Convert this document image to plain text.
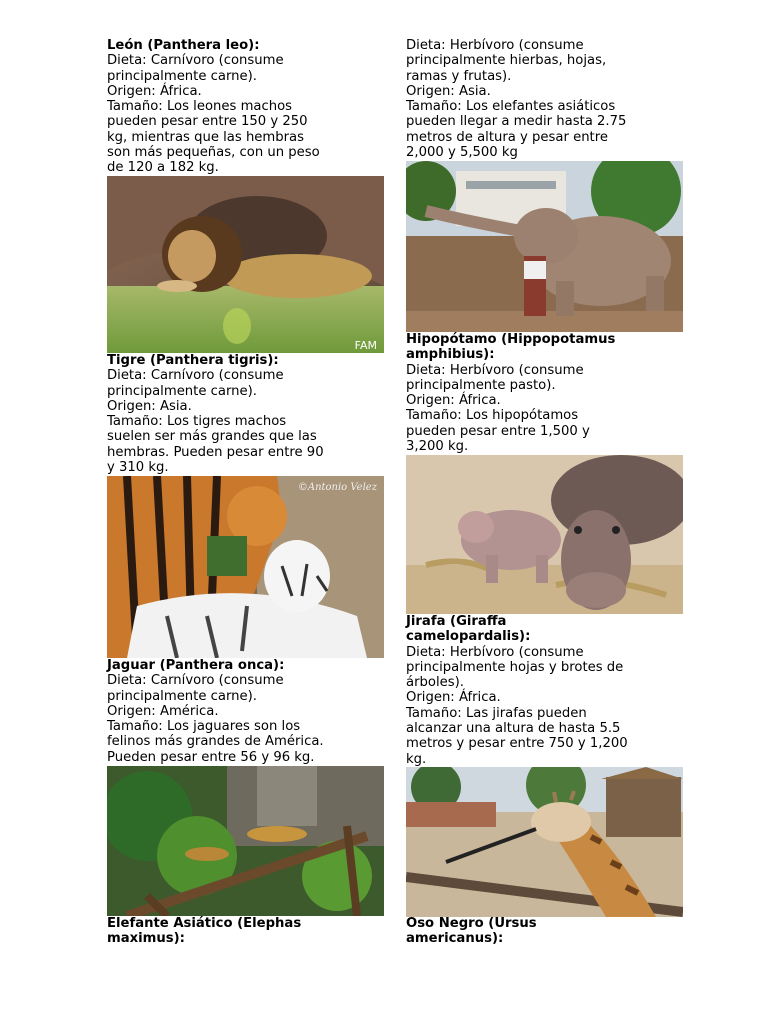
León (Panthera leo):

Dieta: Carnívoro (consume
principalmente carne).
Origen: África.
Tamaño: Los leones machos
pueden pesar entre 150 y 250
kg, mientras que las hembras
son más pequeñas, con un peso
de 120 a 182 kg.

FAM
Tigre (Panthera tigris):

Dieta: Carnívoro (consume
principalmente carne).
Origen: Asia.
Tamaño: Los tigres machos
suelen ser más grandes que las
hembras. Pueden pesar entre 90
y 310 kg.

©Antonio Velez
Jaguar (Panthera onca):

Dieta: Carnívoro (consume
principalmente carne).
Origen: América.
Tamaño: Los jaguares son los
felinos más grandes de América.
Pueden pesar entre 56 y 96 kg.

Elefante Asiático (Elephas
maximus):

Dieta: Herbívoro (consume
principalmente hierbas, hojas,
ramas y frutas).
Origen: Asia.
Tamaño: Los elefantes asiáticos
pueden llegar a medir hasta 2.75
metros de altura y pesar entre
2,000 y 5,500 kg

Hipopótamo (Hippopotamus
amphibius):

Dieta: Herbívoro (consume
principalmente pasto).
Origen: África.
Tamaño: Los hipopótamos
pueden pesar entre 1,500 y
3,200 kg.

Jirafa (Giraffa
camelopardalis):

Dieta: Herbívoro (consume
principalmente hojas y brotes de
árboles).
Origen: África.
Tamaño: Las jirafas pueden
alcanzar una altura de hasta 5.5
metros y pesar entre 750 y 1,200
kg.

Oso Negro (Ursus
americanus):
